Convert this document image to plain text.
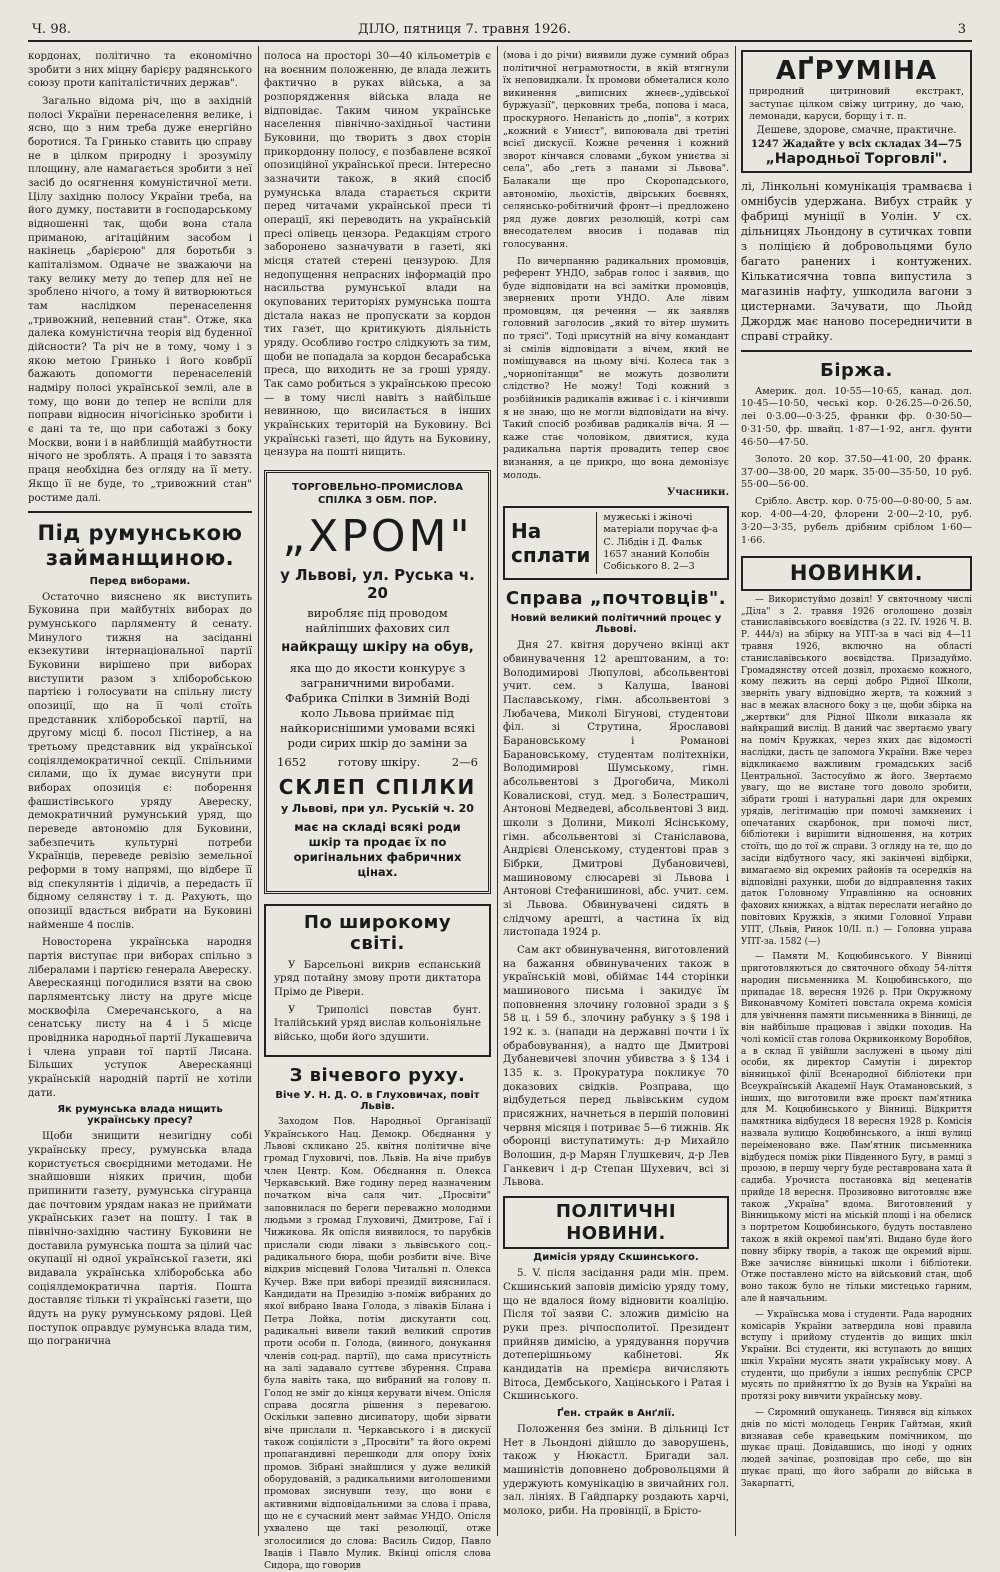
Ч. 98.	ДІЛО, пятниця 7. травня 1926.	3

кордонах, політично та економічно зробити з них міцну барієру радянського союзу проти капіталістичних держав".

Загально відома річ, що в західній полосі України перенаселення велике, і ясно, що з ним треба дуже енергійно боротися. Та Гринько ставить цю справу не в цілком природну і зрозумілу площину, але намагається зробити з неї засіб до осягнення комуністичної мети. Цілу західню полосу України треба, на його думку, поставити в господарському відношенні так, щоби вона стала приманою, агітаційним засобом і накінець „барієрою" для боротьби з капіталізмом. Одначе не зважаючи на таку велику мету до тепер для неї не зроблено нічого, а тому й витворюються там наслідком перенаселення „тривожний, непевний стан". Отже, яка далека комуністична теорія від буденної дійсности? Та річ не в тому, чому і з якою метою Гринько і його ковбрії бажають допомогти перенаселеній надміру полосі української землі, але в тому, що вони до тепер не вспіли для поправи відносин нічогісінько зробити і є дані та те, що при саботажі з боку Москви, вони і в найблищій майбутности нічого не зроблять. А праця і то завзята праця необхідна без огляду на її мету. Якщо її не буде, то „тривожний стан" ростиме далі.

Під румунською займанщиною.
Перед виборами.

Остаточно вияснено як виступить Буковина при майбутніх виборах до румунського парляменту й сенату. Минулого тижня на засіданні екзекутиви інтернаціональної партії Буковини вирішено при виборах виступити разом з хліборобською партією і голосувати на спільну листу опозиції, що на її чолі стоїть представник хліборобської партії, на другому місці б. посол Пістінер, а на третьому представник від української соціялдемократичної секції. Спільними силами, що їх думає висунути при виборах опозиція є: поборення фашистівського уряду Авереску, демократичний румунський уряд, що переведе автономію для Буковини, забезпечить культурні потреби Українців, переведе ревізію земельної реформи в тому напрямі, що відбере її від спекулянтів і дідичів, а передасть її бідному селянству і т. д. Рахують, що опозиції вдасться вибрати на Буковині найменше 4 послів.

Новосторена українська народня партія виступає при виборах спільно з лібералами і партією генерала Авереску. Аверескаянці погодилися взяти на свою парляментську листу на друге місце москвофіла Смеречанського, а на сенатську листу на 4 і 5 місце провідника народньої партії Лукашевича і члена управи тої партії Лисана. Більших уступок Аверескаянці українській народній партії не хотіли дати.

Як румунська влада нищить українську пресу?

Щоби знищити незигідну собі українську пресу, румунська влада користується своєрідними методами. Не знайшовши ніяких причин, щоби припинити газету, румунська сігуранца дає почтовим урядам наказ не приймати українських газет на пошту. І так в північно-західню частину Буковини не доставила румунська пошта за цілий час окупації ні одної української газети, які видавала українська хліборобська або соціялдемократична партія. Пошта доставляє тільки ті українські газети, що йдуть на руку румунському рядові. Цей поступок оправдує румунська влада тим, що погранична

полоса на просторі 30—40 кільометрів є на воєнним положенню, де влада лежить фактично в руках війська, а за розпорядження війська влада не відповідає. Таким чином українське населення північно-західньої частини Буковини, що творить з двох сторін прикордонну полосу, є позбавлене всякої опозиційної української преси. Інтересно зазначити також, в який спосіб румунська влада старається скрити перед читачами української преси ті операції, які переводить на українській пресі олівець цензора. Редакціям строго заборонено зазначувати в газеті, які місця статей стерені цензурою. Для недопущення непрасних інформацій про насильства румунської влади на окупованих територіях румунська пошта дістала наказ не пропускати за кордон тих газет, що критикують діяльність уряду. Особливо гостро слідкують за тим, щоби не попадала за кордон бесарабська преса, що виходить не за гроші уряду. Так само робиться з українською пресою — в тому числі навіть з найбільше невинною, що висилається в інших українських територій на Буковину. Всі українські газеті, що йдуть на Буковину, цензура на пошті нищить.

ТОРГОВЕЛЬНО-ПРОМИСЛОВА СПІЛКА З ОБМ. ПОР.
„ХРОМ"
у Львові, ул. Руська ч. 20
виробляє під проводом найліпших фахових сил
найкращу шкіру на обув,
яка що до якости конкурує з заграничними виробами. Фабрика Спілки в Зимній Воді коло Львова приймає під найкориснішими умовами всякі роди сирих шкір до заміни за
1652	готову шкіру.	2—6
СКЛЕП СПІЛКИ
у Львові, при ул. Руській ч. 20
має на складі всякі роди шкір та продає їх по оригінальних фабричних цінах.
По широкому світі.

У Барсельоні викрив еспанський уряд потайну змову проти диктатора Прімо де Рівери.

У Триполісі повстав бунт. Італійський уряд вислав кольоніяльне військо, щоби його здушити.

З вічевого руху.
Віче У. Н. Д. О. в Глуховичах, повіт Львів.

Заходом Пов. Народньої Організації Українського Нац. Демокр. Обєднання у Львові скликано 25. квітня політичне віче громад Глуховичі, пов. Львів. На віче прибув член Центр. Ком. Обєднання п. Олекса Черкавський. Вже годину перед назначеним початком віча саля чит. „Просвіти" заповнилася по береги переважно молодими людьми з громад Глуховичі, Дмитрове, Гаї і Чижикова. Як опісля виявилося, то парубків прислали сюди ліваки з львівського соц.-радикального бюра, щоби розбити віче. Віче відкрив місцевий Голова Читальні п. Олекса Кучер. Вже при виборі президії вияснилася. Кандидати на Президію з-поміж вибраних до якої вибрано Івана Голода, з ліваків Білана і Петра Лойка, потім дискутанти соц. радикальні вивели такий великий спротив проти особи п. Голода, (винного, донукання членів соц-рад. партії), що сама присутність на залі задавало суттєве збурення. Справа була навіть така, що вибраний на голову п. Голод не зміг до кінця керувати вічем. Опісля справа досягла рішення з перевагою. Оскільки запевно дисипатору, щоби зірвати віче прислали п. Черкавського і в дискусії також соціялісти з „Просвіти" та його окремі пропагандивні перешкоди для опору їхніх промов. Зібрані знайшлися у дуже великій оборудованій, з радикальними виголошеними промовах зиснувши тезу, що вони є активними відповідальними за слова і права, що не є сучасний мент займає УНДО. Опісля ухвалено ще такі резолюції, отже зголосилися до слова: Василь Сидор, Павло Іваців і Павло Мулик. Вкінці опісля слова Сидора, що говорив

(мова і до річи) виявили дуже сумний образ політичної неграмотности, в якій втягнули їх неповидкали. Їх промови обметалися коло викинення „виписних жнеєв-„удівської буржуазії", церковних треба, попова і маса, проскурного. Непаність до „попів", з котрих „кожний є Униєст", випоювала дві третіні всієї дискусії. Кожне речення і кожний зворот кінчався словами „буком униєтва зі села", або „геть з панами зі Львова". Балакали ще про Скоропадського, автономію, льохістів, двірських боєвнях, селянсько-робітничий фронт—і предложено ряд дуже довгих резолюцій, котрі сам внесодателем вносив і подавав під голосування.

По вичерпанню радикальних промовців, референт УНДО, забрав голос і заявив, що буде відповідати на всі замітки промовців, звернених проти УНДО. Але лівим промовцям, ця речення — як заявляв головний заголосив „який то вітер шумить по трясі". Тоді присутній на вічу командант зі смілів відповідати з вічем, який не поміщувався на цьому вічі. Колеса так з „чорнопітанщи" не можуть дозволити слідство? Не можу! Тоді кожний з розбійників радикалів вживає і с. і кінчивши я не знаю, що не могли відповідати на вічу. Такий спосіб розбивав радикалів віча. Я — каже стає чоловіком, двиятися, куда радикальна партія провадить тепер своє визнання, а це прикро, що вона демонізує молодь.

Учасники.

На сплати
мужеські і жіночі матеріали поручає ф-а С. Лібдін і Д. Фальк 1657 знаний Колобін Собіського 8. 2—3
Справа „почтовців".
Новий великий політичний процес у Львові.

Дня 27. квітня доручено вкінці акт обвинувачення 12 арештованим, а то: Володимирові Люпулові, абсольвентові учит. сем. з Калуша, Іванові Паславському, гімн. абсольвентові з Любачева, Миколі Бігуновi, студентови філ. зі Струтина, Ярославові Барановському і Романові Барановському, студентам політехніки, Володимирові Шумському, гімн. абсольвентові з Дрогобича, Миколі Ковалисковi, студ. мед. з Болестрашич, Антонові Медведеві, абсольвентові 3 вид. школи з Долини, Миколі Ясінському, гімн. абсольвентові зі Станіславова, Андрієві Оленському, студентові прав з Бібрки, Дмитрові Дубановичеві, машиновому слюсареві зі Львова і Антонові Стефанишинові, абс. учит. сем. зі Львова. Обвинувачені сидять в слідчому арешті, а частина їх від листопада 1924 р.

Сам акт обвинувачення, виготовлений на бажання обвинувачених також в українській мові, обіймає 144 сторінки машинового письма і закидує їм поповнення злочину головної зради з § 58 ц. і 59 б., злочину рабунку з § 198 і 192 к. з. (напади на державні почти і їх обрабовування), а надто ще Дмитрові Дубаневичеві злочин убивства з § 134 і 135 к. з. Прокуратура покликує 70 доказових свідків. Розправа, що відбудеться перед львівським судом присяжних, начнеться в першій половині червня місяця і потриває 5—6 тижнів. Як оборонці виступатимуть: д-р Михайло Волошин, д-р Марян Глушкевич, д-р Лев Ганкевич і д-р Степан Шухевич, всі зі Львова.

ПОЛІТИЧНІ НОВИНИ.
Димісія уряду Скшинського.

5. V. після засідання ради мін. прем. Скшинський заповів димісію уряду тому, що не вдалося йому відновити коаліцію. Після тої заяви С. зложив димісію на руки през. річпосполитої. Президент прийняв димісію, а урядування поручив дотеперішньому кабінетові. Як кандидатів на премієра вичисляють Вітоса, Дембського, Хацінського і Ратая і Скшинського.

Ґен. страйк в Анґлії.

Положення без зміни. В дільниці Іст Нет в Льондоні дійшло до заворушень, також у Нюкастл. Бригади зал. машиністів доповнено добровольцями й удержують комунікацію в звичайних гол. зал. лініях. В Гайдпарку роздають харчі, молоко, риби. На провінції, в Брісто-

АҐРУМІНА
природний цитриновий екстракт, заступає цілком свіжу цитрину, до чаю, лемонади, каруси, борщу і т. п.
Дешеве, здорове, смачне, практичне.
1247 Жадайте у всіх складах 34—75
„Народньої Торговлі".

лі, Лінкольні комунікація трамваєва і омнібусів удержана. Вибух страйк у фабриці муніції в Уолін. У сх. дільницях Льондону в сутичках товпи з поліцією й добровольцями було багато ранених і контужених. Кількатисячна товпа випустила з магазинів нафту, ушкодила вагони з цистернами. Зачувати, що Льойд Джордж має наново посередничити в справі страйку.

Біржа.

Америк. дол. 10·55—10·65, канад. дол. 10·45—10·50, чеські кор. 0·26.25—0·26.50, лei 0·3.00—0·3·25, франки фр. 0·30·50—0·31·50, фр. швайц. 1·87—1·92, англ. фунти 46·50—47·50.

Золото. 20 кор. 37.50—41·00, 20 франк. 37·00—38·00, 20 марк. 35·00—35·50, 10 руб. 55·00—56·00.

Срібло. Австр. кор. 0·75·00—0·80·00, 5 ам. кор. 4·00—4·20, флорени 2·00—2·10, руб. 3·20—3·35, рубель дрібним сріблом 1·60—1·66.

НОВИНКИ.

— Використуймо дозвіл! У святочному числі „Діла" з 2. травня 1926 оголошено дозвіл станиславівського воєвідства (з 22. IV. 1926 Ч. В. Р. 444/з) на збірку на УПТ-за в часі від 4—11 травня 1926, включно на області станиславівського воєвідства. Призадуймо. Громадянству отсей дозвіл, прохаємо кожного, кому лежить на серці добро Рідної Школи, зверніть увагу відповідно жертв, та кожний з нас в межах власного боку з це, щоби збірка на „жертвки" для Рідної Школи виказала як найкращий вислід. В даний час звертаємо увагу на поміч Кружках, через яких дає відомості наслідки, дасть це запомога України. Вже через відкликаємо важливим громадських засіб Центральної. Застосуймо ж його. Звертаємо увагу, що не вистане того доволо зробити, зібрати гроші і натуральні дари для окремих урядів, легітимацію при помочі замкнених і опечатаних скарбонок, при помочі лист, бібліотеки і вирішити відношення, на котрих стоїть, що до тої ж справи. З огляду на те, що до засіди відбутного часу, які закінчені відбірки, вимагаємо від окремих районів та осередків на відповідні рахунки, шоби до відправлення таких даток Головному Управлінню на основних фахових книжках, а відтак переслати негайно до повітових Кружків, з якими Головної Управи УПТ, (Львів, Ринок 10/II. п.) — Головна управа УПТ-за. 1582 (—)

— Памяти М. Коцюбинського. У Вінниці приготовляються до святочного обходу 54-ліття народин письменника М. Коцюбинського, що припадає 18. вересня 1926 р. При Окружному Виконавчому Комітеті повстала окрема комісія для увічнення памяти письменника в Вінниці, де він найбільше працював і звідки походив. На чолі комісії став голова Окрвиконкому Воробйов, а в склад її увійшли заслужені в цьому ділі особи, як директор Самутін і директор вінницької філії Всенародної бібліотеки при Всеукраїнській Академії Наук Отамановський, з інших, що виготовили вже проєкт пам'ятника для М. Коцюбинського у Вінниці. Відкриття памятника відбудеся 18 вересня 1928 р. Комісія назвала вулицю Коцюбинського, а інші вулиці переіменовано вже. Пам'ятник письменника відбудеся поміж ріки Південного Бугу, в рамці з прозою, в першу чергу буде реставрована хата й садиба. Урочиста постановка від меценатів прийде 18 вересня. Прозивовно виготовляє вже також „Україна" вдома. Виготовлений у Вінницькому місті на міській площі і на обелиск з портретом Коцюбинського, будуть поставлено також в якій окремої пам'яті. Видано буде його повну збірку творів, а також ще окремий вірш. Вже зачисляє вінницькі школи і бібліотеки. Отже поставлено місто на військовий стан, щоб воно також було не тільки мистецько гарним, але й навчальним.

— Українська мова і студенти. Рада народних комісарів України затвердила нові правила вступу і прийому студентів до вищих шкіл України. Всі студенти, які вступають до вищих шкіл України мусять знати українську мову. А студенти, що прибули з інших республік СРСР мусять по прийняттю їх до Вузів на Україні на протязі року вивчити українську мову.

— Сиромний ошуканець. Тинявся від кількох днів по місті молодець Генрик Гайтман, який визнавав себе кравецьким помічником, що шукає праці. Довідавшись, що іноді у одних людей зачіпає, розповідав про себе, що він шукає праці, що його забрали до війська в Закарпатті,
